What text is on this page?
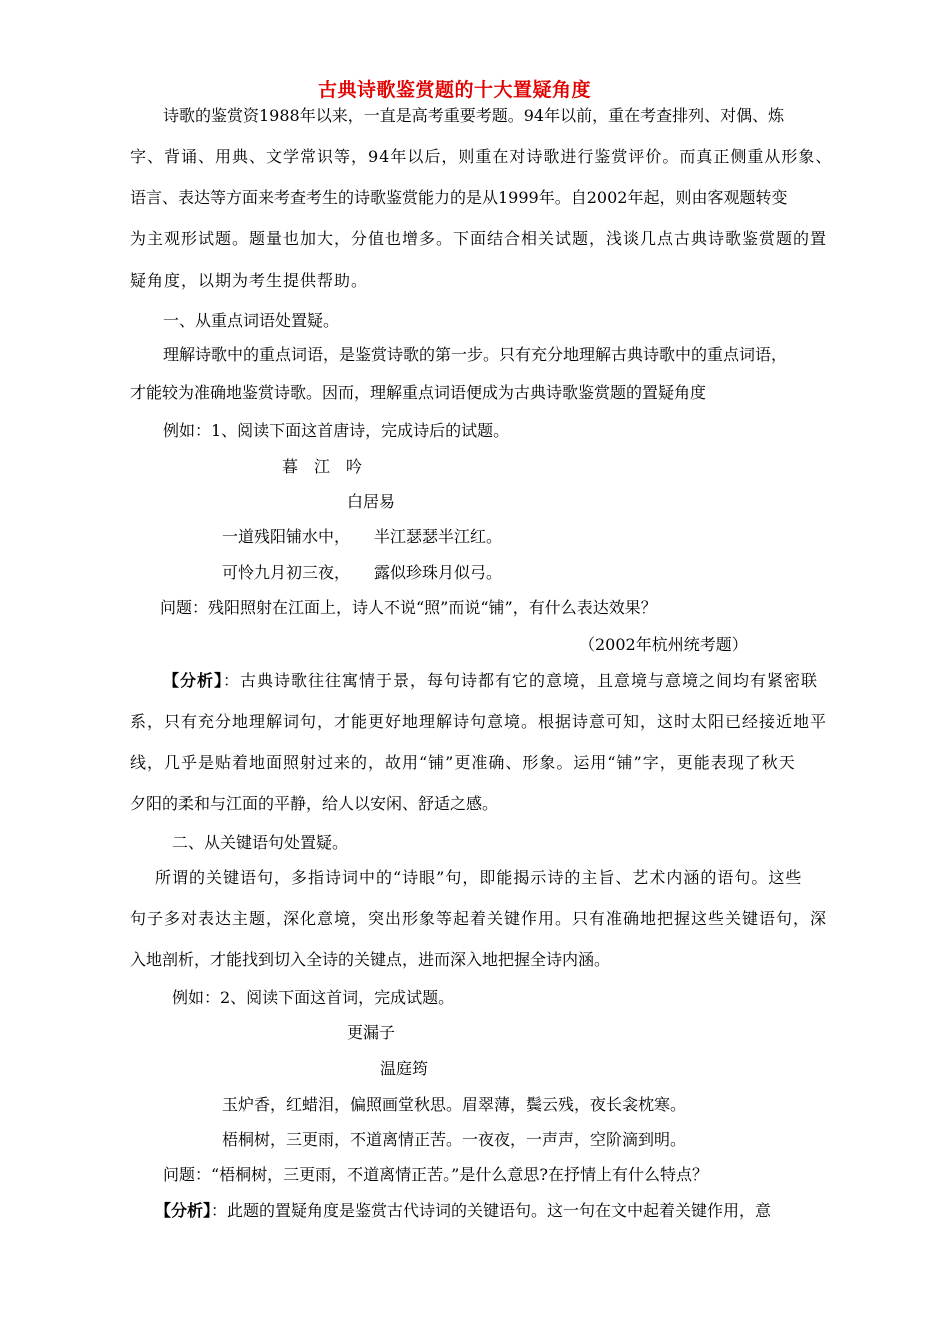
古典诗歌鉴赏题的十大置疑角度
诗歌的鉴赏资1988年以来，一直是高考重要考题。94年以前，重在考查排列、对偶、炼
字、背诵、用典、文学常识等，94年以后，则重在对诗歌进行鉴赏评价。而真正侧重从形象、
语言、表达等方面来考查考生的诗歌鉴赏能力的是从1999年。自2002年起，则由客观题转变
为主观形试题。题量也加大，分值也增多。下面结合相关试题，浅谈几点古典诗歌鉴赏题的置
疑角度，以期为考生提供帮助。
一、从重点词语处置疑。
理解诗歌中的重点词语，是鉴赏诗歌的第一步。只有充分地理解古典诗歌中的重点词语，
才能较为准确地鉴赏诗歌。因而，理解重点词语便成为古典诗歌鉴赏题的置疑角度
例如：1、阅读下面这首唐诗，完成诗后的试题。
暮　江　吟
白居易
一道残阳铺水中，　　半江瑟瑟半江红。
可怜九月初三夜，　　露似珍珠月似弓。
问题：残阳照射在江面上，诗人不说“照”而说“铺”，有什么表达效果？
（2002年杭州统考题）
【分析】：古典诗歌往往寓情于景，每句诗都有它的意境，且意境与意境之间均有紧密联
系，只有充分地理解词句，才能更好地理解诗句意境。根据诗意可知，这时太阳已经接近地平
线，几乎是贴着地面照射过来的，故用“铺”更准确、形象。运用“铺”字，更能表现了秋天
夕阳的柔和与江面的平静，给人以安闲、舒适之感。
二、从关键语句处置疑。
所谓的关键语句，多指诗词中的“诗眼”句，即能揭示诗的主旨、艺术内涵的语句。这些
句子多对表达主题，深化意境，突出形象等起着关键作用。只有准确地把握这些关键语句，深
入地剖析，才能找到切入全诗的关键点，进而深入地把握全诗内涵。
例如：2、阅读下面这首词，完成试题。
更漏子
温庭筠
玉炉香，红蜡泪，偏照画堂秋思。眉翠薄，鬓云残，夜长衾枕寒。
梧桐树，三更雨，不道离情正苦。一夜夜，一声声，空阶滴到明。
问题：“梧桐树，三更雨，不道离情正苦。”是什么意思?在抒情上有什么特点？
【分析】：此题的置疑角度是鉴赏古代诗词的关键语句。这一句在文中起着关键作用，意
